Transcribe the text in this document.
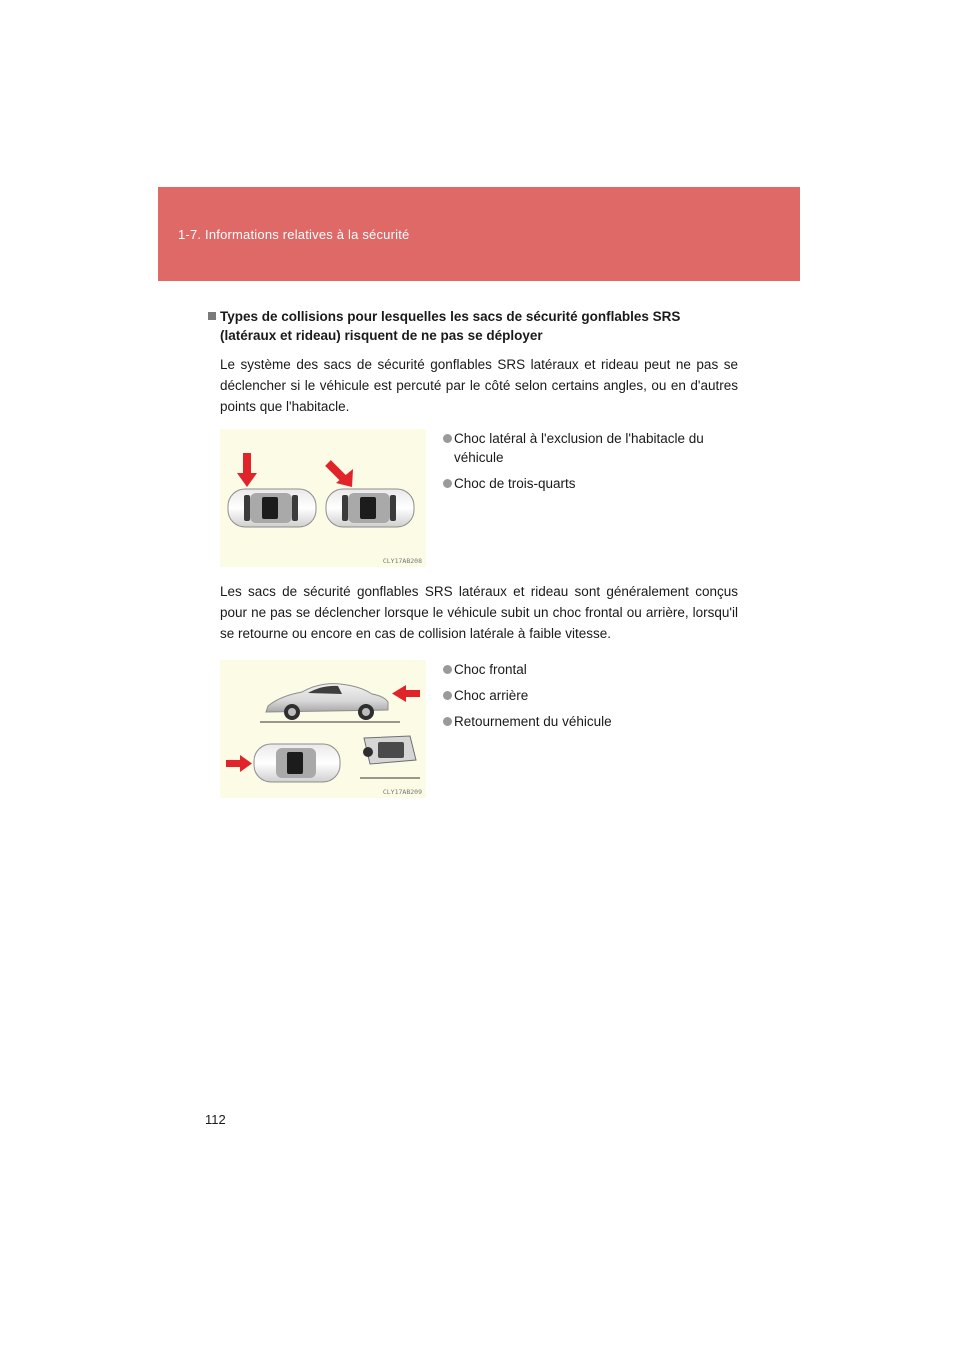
1-7. Informations relatives à la sécurité
Types de collisions pour lesquelles les sacs de sécurité gonflables SRS (latéraux et rideau) risquent de ne pas se déployer

Le système des sacs de sécurité gonflables SRS latéraux et rideau peut ne pas se déclencher si le véhicule est percuté par le côté selon certains angles, ou en d'autres points que l'habitacle.

CLY17AB208
Choc latéral à l'exclusion de l'habitacle du véhicule
Choc de trois-quarts

Les sacs de sécurité gonflables SRS latéraux et rideau sont généralement conçus pour ne pas se déclencher lorsque le véhicule subit un choc frontal ou arrière, lorsqu'il se retourne ou encore en cas de collision latérale à faible vitesse.

CLY17AB209
Choc frontal
Choc arrière
Retournement du véhicule
112
